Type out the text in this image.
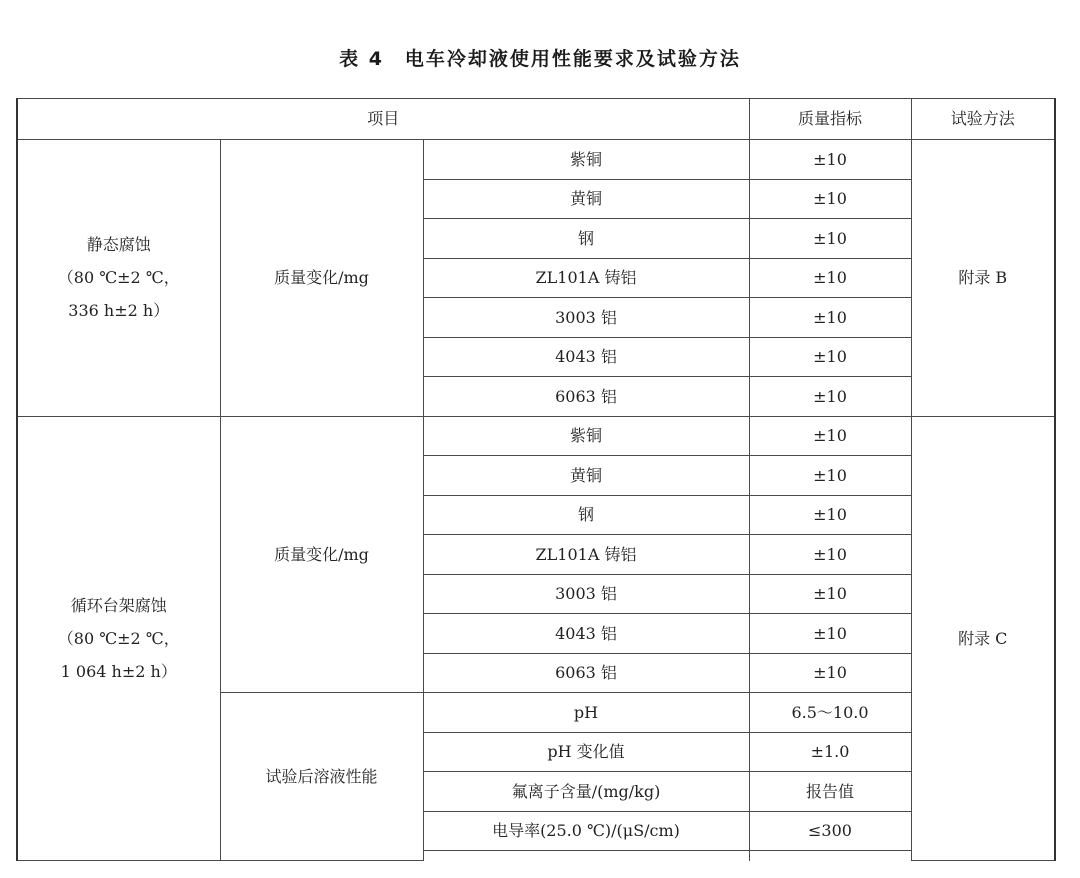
表 4　电车冷却液使用性能要求及试验方法
项目			质量指标	试验方法
静态腐蚀
（80 ℃±2 ℃，
336 h±2 h）	质量变化/mg	紫铜	±10	附录 B
		黄铜	±10	
		钢	±10	
		ZL101A 铸铝	±10	
		3003 铝	±10	
		4043 铝	±10	
		6063 铝	±10	
循环台架腐蚀
（80 ℃±2 ℃，
1 064 h±2 h）	质量变化/mg	紫铜	±10	附录 C
		黄铜	±10	
		钢	±10	
		ZL101A 铸铝	±10	
		3003 铝	±10	
		4043 铝	±10	
		6063 铝	±10	
	试验后溶液性能	pH	6.5～10.0	
		pH 变化值	±1.0	
		氟离子含量/(mg/kg)	报告值	
		电导率(25.0 ℃)/(μS/cm)	≤300	
